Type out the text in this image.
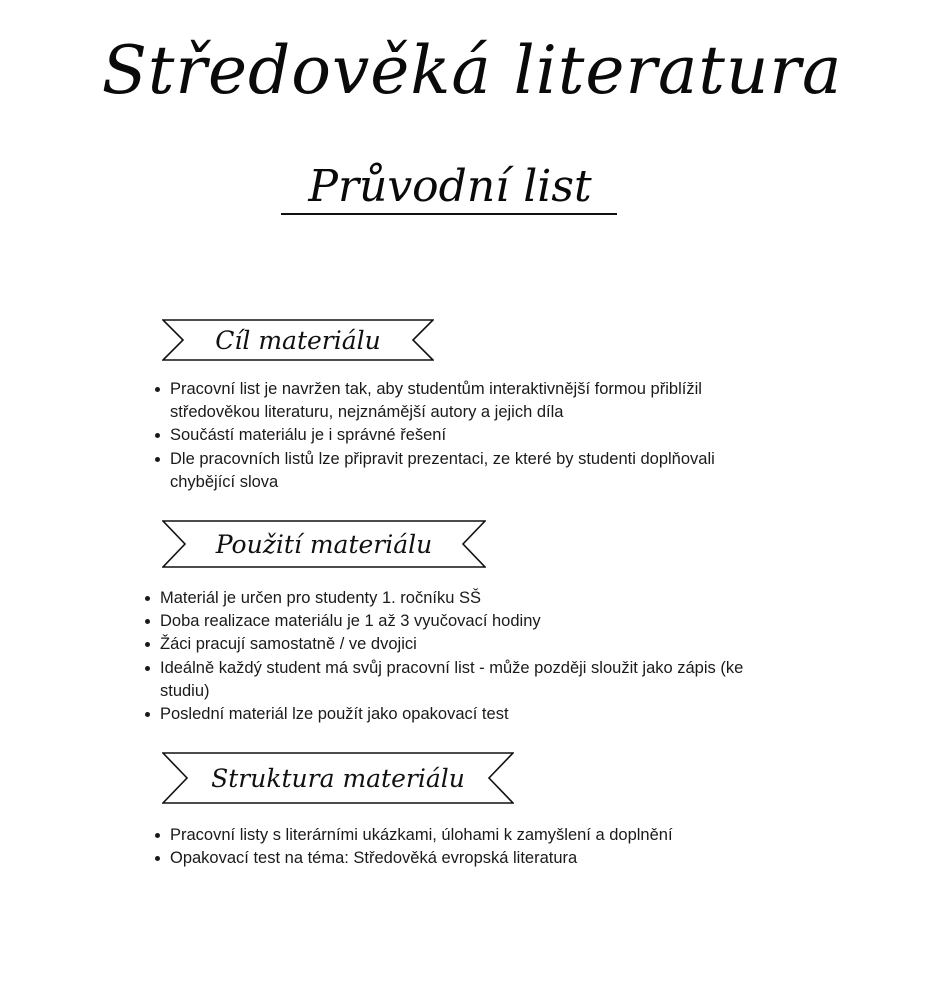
Středověká literatura
Průvodní list
Cíl materiálu
Pracovní list je navržen tak, aby studentům interaktivnější formou přiblížil středověkou literaturu, nejznámější autory a jejich díla
Součástí materiálu je i správné řešení
Dle pracovních listů lze připravit prezentaci, ze které by studenti doplňovali chybějící slova
Použití materiálu
Materiál je určen pro studenty 1. ročníku SŠ
Doba realizace materiálu je 1 až 3 vyučovací hodiny
Žáci pracují samostatně / ve dvojici
Ideálně každý student má svůj pracovní list - může později sloužit jako zápis (ke studiu)
Poslední materiál lze použít jako opakovací test
Struktura materiálu
Pracovní listy s literárními ukázkami, úlohami k zamyšlení a doplnění
Opakovací test na téma: Středověká evropská literatura
